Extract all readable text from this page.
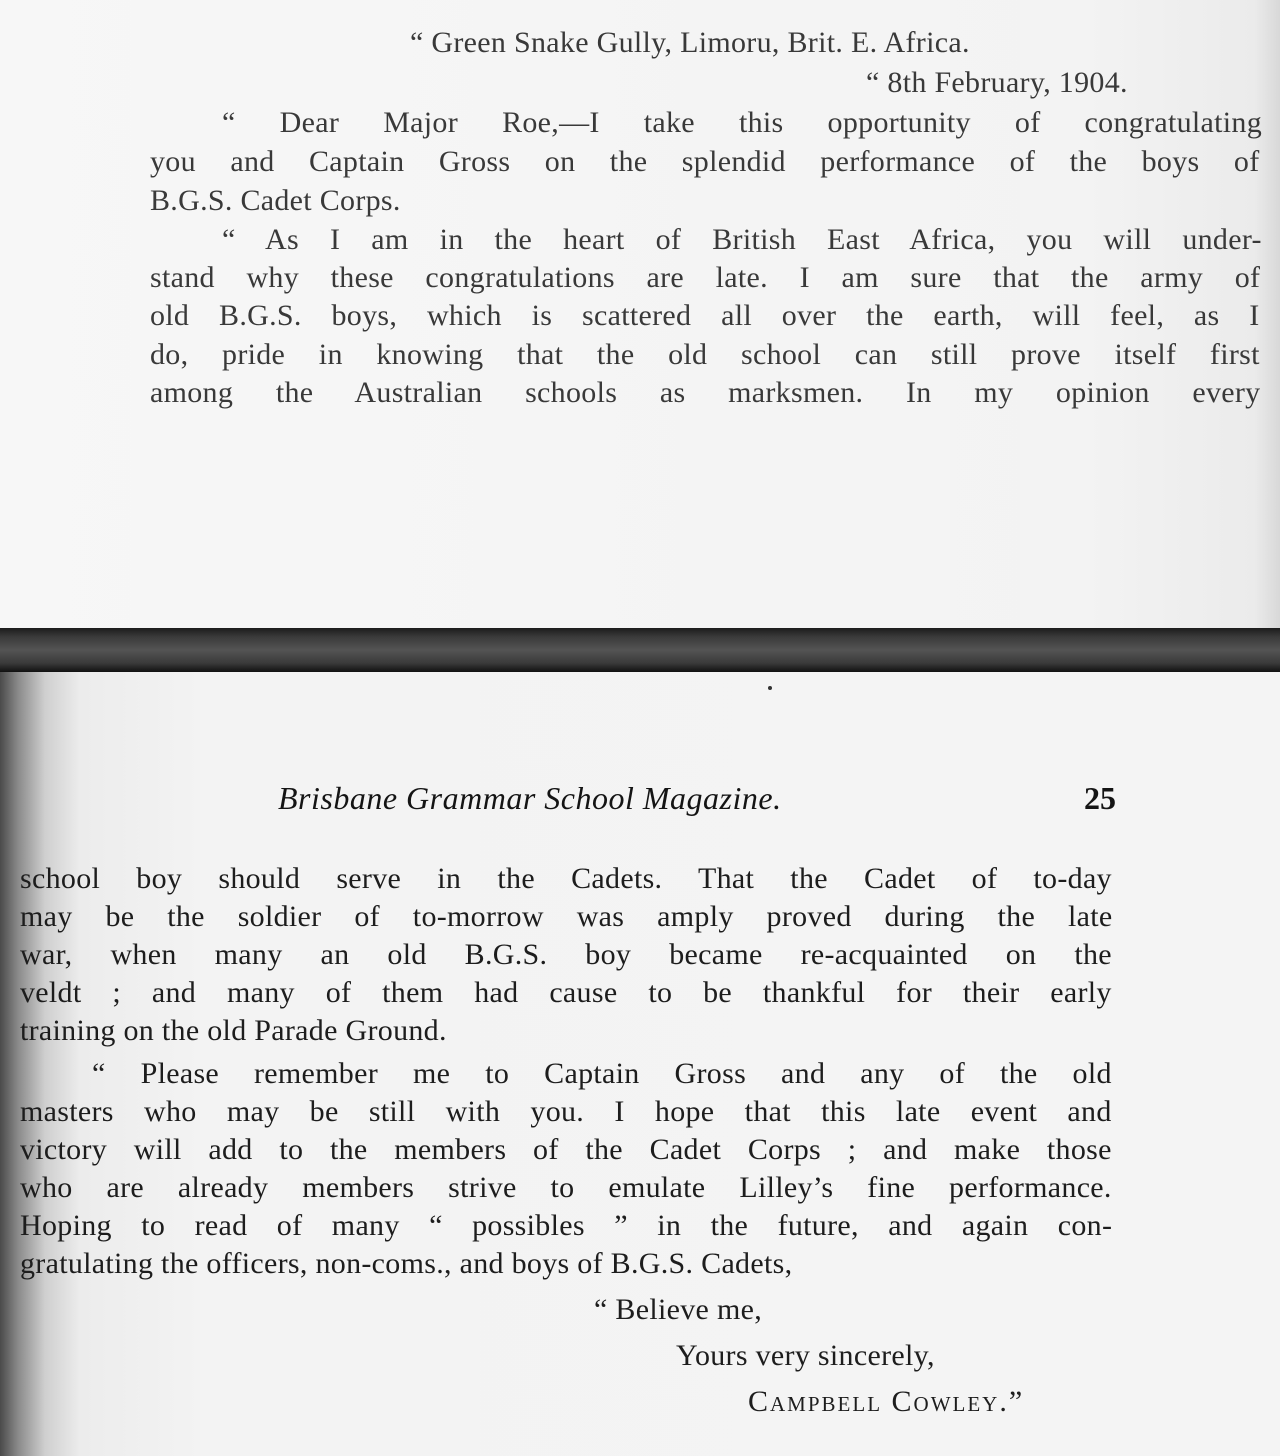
“ Green Snake Gully, Limoru, Brit. E. Africa.
“ 8th February, 1904.
“ Dear Major Roe,—I take this opportunity of congratulating
you and Captain Gross on the splendid performance of the boys of
B.G.S. Cadet Corps.
“ As I am in the heart of British East Africa, you will under-
stand why these congratulations are late. I am sure that the army of
old B.G.S. boys, which is scattered all over the earth, will feel, as I
do, pride in knowing that the old school can still prove itself first
among the Australian schools as marksmen. In my opinion every
Brisbane Grammar School Magazine.	25
school boy should serve in the Cadets. That the Cadet of to-day
may be the soldier of to-morrow was amply proved during the late
war, when many an old B.G.S. boy became re-acquainted on the
veldt ; and many of them had cause to be thankful for their early
training on the old Parade Ground.
“ Please remember me to Captain Gross and any of the old
masters who may be still with you. I hope that this late event and
victory will add to the members of the Cadet Corps ; and make those
who are already members strive to emulate Lilley’s fine performance.
Hoping to read of many “ possibles ” in the future, and again con-
gratulating the officers, non-coms., and boys of B.G.S. Cadets,
“ Believe me,
Yours very sincerely,
Campbell Cowley.”
